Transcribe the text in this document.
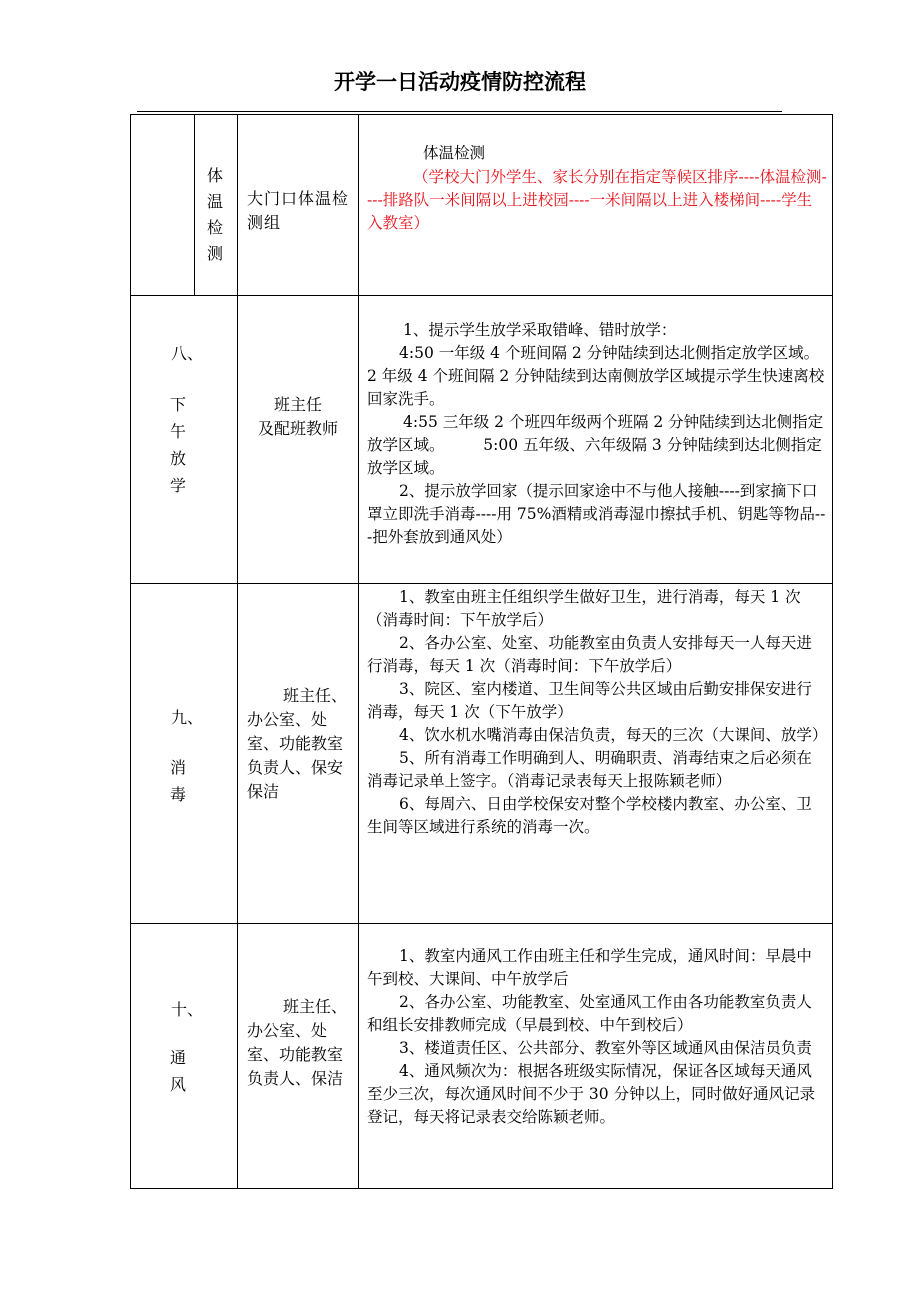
开学一日活动疫情防控流程
体
温
检
测
大门口体温检测组
体温检测
（学校大门外学生、家长分别在指定等候区排序----体温检测----排路队一米间隔以上进校园----一米间隔以上进入楼梯间----学生入教室）
八、
下
午
放
学
班主任
及配班教师

1、提示学生放学采取错峰、错时放学：

4:50 一年级 4 个班间隔 2 分钟陆续到达北侧指定放学区域。2 年级 4 个班间隔 2 分钟陆续到达南侧放学区域提示学生快速离校回家洗手。

4:55 三年级 2 个班四年级两个班隔 2 分钟陆续到达北侧指定放学区域。　　　5:00 五年级、六年级隔 3 分钟陆续到达北侧指定放学区域。

2、提示放学回家（提示回家途中不与他人接触----到家摘下口罩立即洗手消毒----用 75%酒精或消毒湿巾擦拭手机、钥匙等物品---把外套放到通风处）

九、
消
毒
班主任、办公室、处室、功能教室负责人、保安保洁

1、教室由班主任组织学生做好卫生，进行消毒，每天 1 次（消毒时间：下午放学后）

2、各办公室、处室、功能教室由负责人安排每天一人每天进行消毒，每天 1 次（消毒时间：下午放学后）

3、院区、室内楼道、卫生间等公共区域由后勤安排保安进行消毒，每天 1 次（下午放学）

4、饮水机水嘴消毒由保洁负责，每天的三次（大课间、放学）

5、所有消毒工作明确到人、明确职责、消毒结束之后必须在消毒记录单上签字。（消毒记录表每天上报陈颖老师）

6、每周六、日由学校保安对整个学校楼内教室、办公室、卫生间等区域进行系统的消毒一次。

十、
通
风
班主任、办公室、处室、功能教室负责人、保洁

1、教室内通风工作由班主任和学生完成，通风时间：早晨中午到校、大课间、中午放学后

2、各办公室、功能教室、处室通风工作由各功能教室负责人和组长安排教师完成（早晨到校、中午到校后）

3、楼道责任区、公共部分、教室外等区域通风由保洁员负责

4、通风频次为：根据各班级实际情况，保证各区域每天通风至少三次，每次通风时间不少于 30 分钟以上，同时做好通风记录登记，每天将记录表交给陈颖老师。
